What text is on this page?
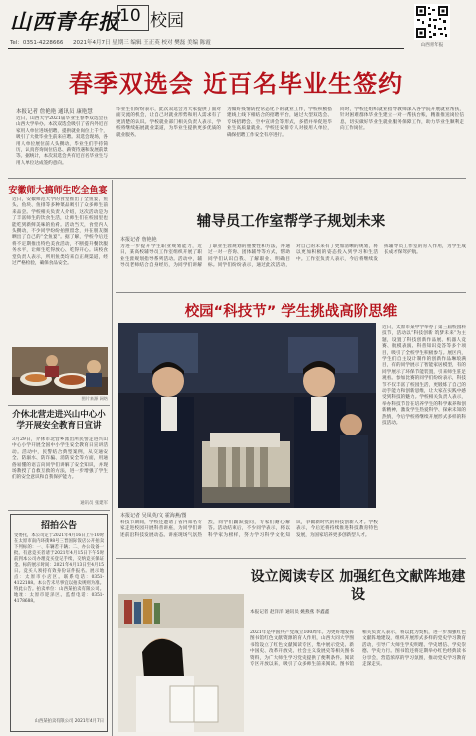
山西青年报 10 校园
Tel：0351-4228666 2021年4月7日 星期三 编辑 王正英 校对 樊磊 美编 陈霞	山西青年报
春季双选会 近百名毕业生签约
本报记者 詹艳艳 通讯员 康艳慧
近日，山西大学2021届毕业生春季双选会在山西大学举办。本次双选会吸引了省内外近百家用人单位进场招聘，提供就业岗位上千个，吸引了大批毕业生前来应聘。双选会现场，各用人单位展位前人头攒动，毕业生们手持简历，认真咨询岗位信息、薪资待遇和发展前景等。据统计，本次双选会共有近百名毕业生与用人单位达成签约意向。
毕业生们纷纷表示，此次双选会为大家提供了面对面交流的机会，让自己对就业形势和用人需求有了更清楚的认识。学校就业部门相关负责人表示，学校将继续拓展就业渠道，为毕业生提供更多优质的就业服务。
为做好疫情防控常态化下的就业工作，学校积极搭建线上线下相结合的招聘平台，通过大型双选会、专场招聘会、空中宣讲会等形式，多措并举促进毕业生高质量就业。学校还安排专人对接用人单位，确保招聘工作安全有序进行。
同时，学校还组织就业指导教师深入各学院开展就业帮扶，针对困难群体毕业生建立一对一帮扶台账，精准推送岗位信息，切实做好毕业生就业服务保障工作，助力毕业生顺利走向工作岗位。
安徽师大搞师生吃全鱼宴
近日，安徽师范大学的食堂推出了全鱼宴，鱼头、鱼块、鱼排等多种菜品吸引了众多师生前来品尝。学校相关负责人介绍，这次活动是为了丰富师生的饮食生活，让师生们在校园里也能吃到新鲜美味的鱼肴。活动当天，食堂内人头攒动，不少同学纷纷拍照留念，并在朋友圈晒出了自己的“全鱼宴”。据了解，学校今后还将不定期推出特色美食活动，不断提升餐饮服务水平，让师生吃得放心、吃得开心。该校食堂负责人表示，所用鱼类均来自正规渠道，经过严格检验，确保食品安全。
图片来源 网络
介休北营走进兴山中心小学开展安全教育日宣讲
3月29日，介休市北营乡派出所民警走进兴山中心小学开展全国中小学生安全教育日宣讲活动。活动中，民警结合典型案例，从交通安全、防溺水、防诈骗、消防安全等方面，用通俗易懂的语言向同学们讲解了安全知识，并现场教授了自救互救的方法，进一步增强了学生们的安全意识和自我保护能力。
通讯员 张建军
招拍公告
受委托，本公司定于2021年4月16日上午10时在太原市南内环街98号三晋国际饭店公开拍卖下列标的：一、车辆若干辆；二、办公设备一批。有意竞买者请于2021年4月15日下午5时前到本公司办理竞买登记手续，交纳竞买保证金。标的展示时间：2021年4月13日至4月15日。竞买人须持有效身份证件报名。展示地点：太原市小店区。联系电话：0351-4122188。本公告未尽事宜以拍卖规则为准。特此公告。拍卖单位：山西某拍卖有限公司。地址：太原市迎泽区。监督电话：0351-4178688。
山西某拍卖有限公司 2021年4月7日
辅导员工作室帮学子规划未来
本报记者 詹艳艳
为进一步提升学生职业规划能力，近日，某高校辅导员工作室组织开展了职业生涯规划指导系列活动。活动中，辅导员老师结合自身经历，为同学们讲解了职业生涯规划的重要性和方法，并通过一对一咨询、团体辅导等方式，帮助同学们认识自我、了解职业、明确目标。同学们纷纷表示，通过此次活动，对自己的未来有了更加清晰的规划，将以更加积极的姿态投入到学习和生活中。工作室负责人表示，今后将继续发挥辅导员工作室的育人作用，为学生成长成才保驾护航。
校园“科技节” 学生挑战高阶思维
近日，太原市某中学举办了第三届校园科技节，活动以“科技创新 筑梦未来”为主题，设置了科技创新作品展、机器人竞赛、航模表演、科普知识竞答等多个项目，吸引了全校学生积极参与。展区内，学生们自主设计制作的创新作品琳琅满目，有的同学展示了智能家居模型，有的同学展示了环保节能装置，引来师生驻足观看。参加比赛的同学们纷纷表示，科技节不仅丰富了校园生活，更锻炼了自己的动手能力和创新思维，让大家在实践中感受到科技的魅力。学校相关负责人表示，举办科技节旨在培养学生的科学素养和创新精神，激发学生热爱科学、探索未知的热情，今后学校将继续开展形式多样的科技活动。
本报记者 吴凤英/文 霍海燕/图
科技节期间，学校还邀请了省内知名专家走进校园开展科普讲座，为同学们讲述前沿科技发展动态。讲座现场气氛热烈，同学们踊跃提问，专家们耐心解答。活动结束后，不少同学表示，将以科学家为榜样，努力学习科学文化知识，争做新时代的科技创新人才。学校表示，今后还将持续推进科技教育特色发展，为国家培养更多创新型人才。
设立阅读专区 加强红色文献阵地建设
本报记者 赵洋洋 通讯员 姚燕燕 李鑫鑫
2021年是中国共产党成立100周年。为更好地发挥图书馆红色文献资源的育人作用，山西大同大学图书馆设立了红色文献阅读专区，集中展示党史、新中国史、改革开放史、社会主义发展史等相关图书资料，为广大师生学习党史提供了便利条件。阅读专区开放以来，吸引了众多师生前来阅读。图书馆相关负责人表示，将以此为契机，进一步加强红色文献阵地建设，组织开展形式多样的党史学习教育活动，引导广大师生学史明理、学史增信、学史崇德、学史力行。图书馆还将定期举办红色经典读书分享会，营造浓厚的学习氛围，推动党史学习教育走深走实。
